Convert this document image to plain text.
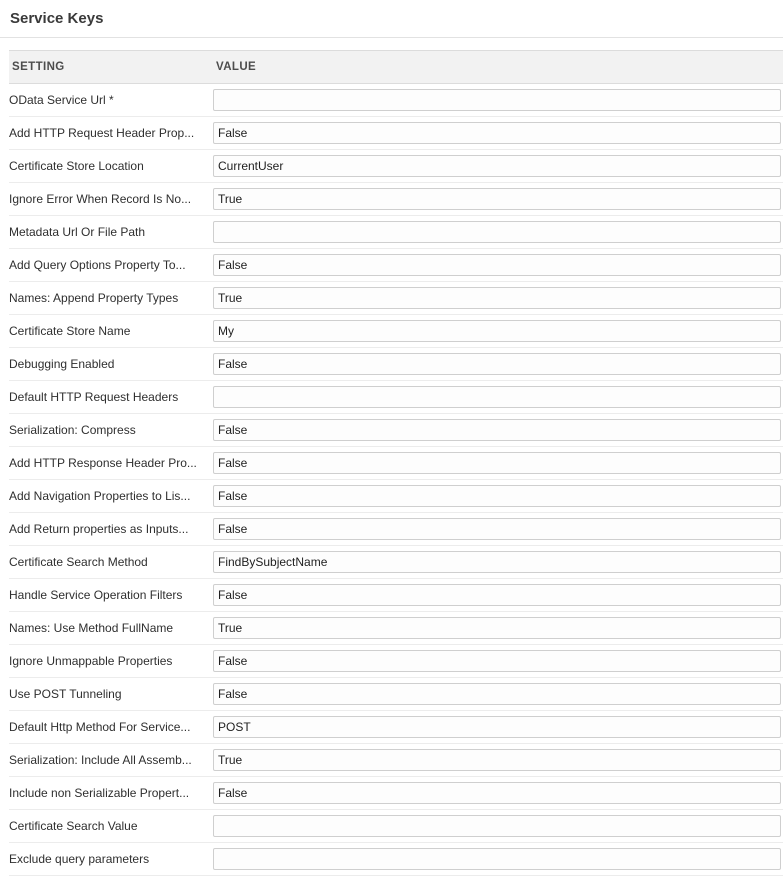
Service Keys
SETTING	VALUE
OData Service Url *	
Add HTTP Request Header Prop...	False
Certificate Store Location	CurrentUser
Ignore Error When Record Is No...	True
Metadata Url Or File Path	
Add Query Options Property To...	False
Names: Append Property Types	True
Certificate Store Name	My
Debugging Enabled	False
Default HTTP Request Headers	
Serialization: Compress	False
Add HTTP Response Header Pro...	False
Add Navigation Properties to Lis...	False
Add Return properties as Inputs...	False
Certificate Search Method	FindBySubjectName
Handle Service Operation Filters	False
Names: Use Method FullName	True
Ignore Unmappable Properties	False
Use POST Tunneling	False
Default Http Method For Service...	POST
Serialization: Include All Assemb...	True
Include non Serializable Propert...	False
Certificate Search Value	
Exclude query parameters	
